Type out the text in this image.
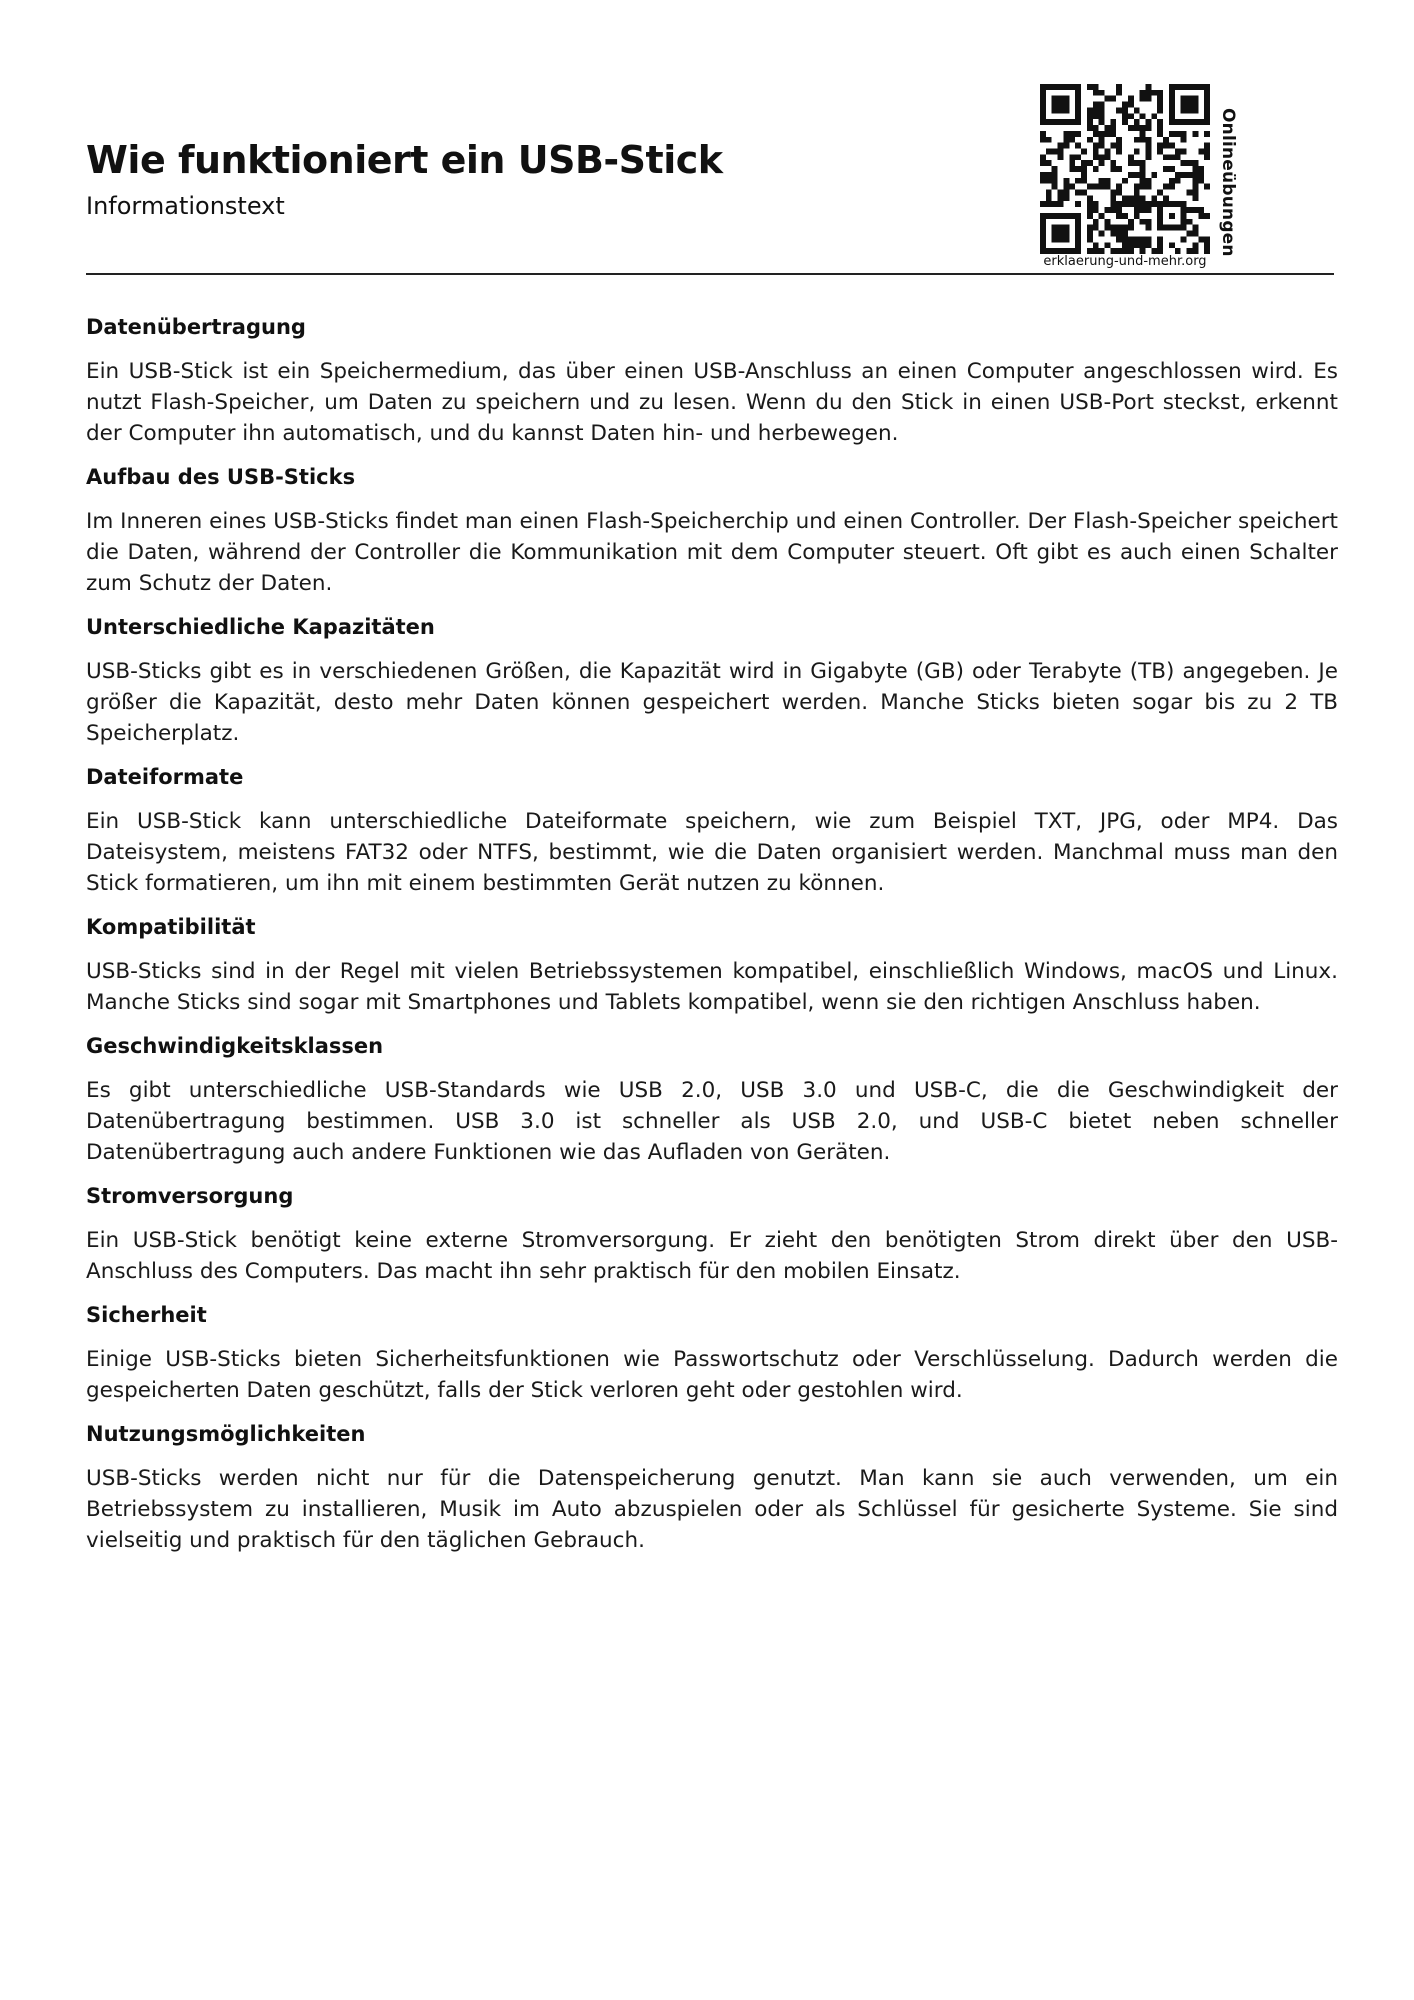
Wie funktioniert ein USB-Stick
Informationstext
erklaerung-und-mehr.org
Onlineübungen
Datenübertragung

Ein USB-Stick ist ein Speichermedium, das über einen USB-Anschluss an einen Computer angeschlossen wird. Es nutzt Flash-Speicher, um Daten zu speichern und zu lesen. Wenn du den Stick in einen USB-Port steckst, erkennt der Computer ihn automatisch, und du kannst Daten hin- und herbewegen.

Aufbau des USB-Sticks

Im Inneren eines USB-Sticks findet man einen Flash-Speicherchip und einen Controller. Der Flash-Speicher speichert die Daten, während der Controller die Kommunikation mit dem Computer steuert. Oft gibt es auch einen Schalter zum Schutz der Daten.

Unterschiedliche Kapazitäten

USB-Sticks gibt es in verschiedenen Größen, die Kapazität wird in Gigabyte (GB) oder Terabyte (TB) angegeben. Je größer die Kapazität, desto mehr Daten können gespeichert werden. Manche Sticks bieten sogar bis zu 2 TB Speicherplatz.

Dateiformate

Ein USB-Stick kann unterschiedliche Dateiformate speichern, wie zum Beispiel TXT, JPG, oder MP4. Das Dateisystem, meistens FAT32 oder NTFS, bestimmt, wie die Daten organisiert werden. Manchmal muss man den Stick formatieren, um ihn mit einem bestimmten Gerät nutzen zu können.

Kompatibilität

USB-Sticks sind in der Regel mit vielen Betriebssystemen kompatibel, einschließlich Windows, macOS und Linux. Manche Sticks sind sogar mit Smartphones und Tablets kompatibel, wenn sie den richtigen Anschluss haben.

Geschwindigkeitsklassen

Es gibt unterschiedliche USB-Standards wie USB 2.0, USB 3.0 und USB-C, die die Geschwindigkeit der Datenübertragung bestimmen. USB 3.0 ist schneller als USB 2.0, und USB-C bietet neben schneller Datenübertragung auch andere Funktionen wie das Aufladen von Geräten.

Stromversorgung

Ein USB-Stick benötigt keine externe Stromversorgung. Er zieht den benötigten Strom direkt über den USB-Anschluss des Computers. Das macht ihn sehr praktisch für den mobilen Einsatz.

Sicherheit

Einige USB-Sticks bieten Sicherheitsfunktionen wie Passwortschutz oder Verschlüsselung. Dadurch werden die gespeicherten Daten geschützt, falls der Stick verloren geht oder gestohlen wird.

Nutzungsmöglichkeiten

USB-Sticks werden nicht nur für die Datenspeicherung genutzt. Man kann sie auch verwenden, um ein Betriebssystem zu installieren, Musik im Auto abzuspielen oder als Schlüssel für gesicherte Systeme. Sie sind vielseitig und praktisch für den täglichen Gebrauch.
